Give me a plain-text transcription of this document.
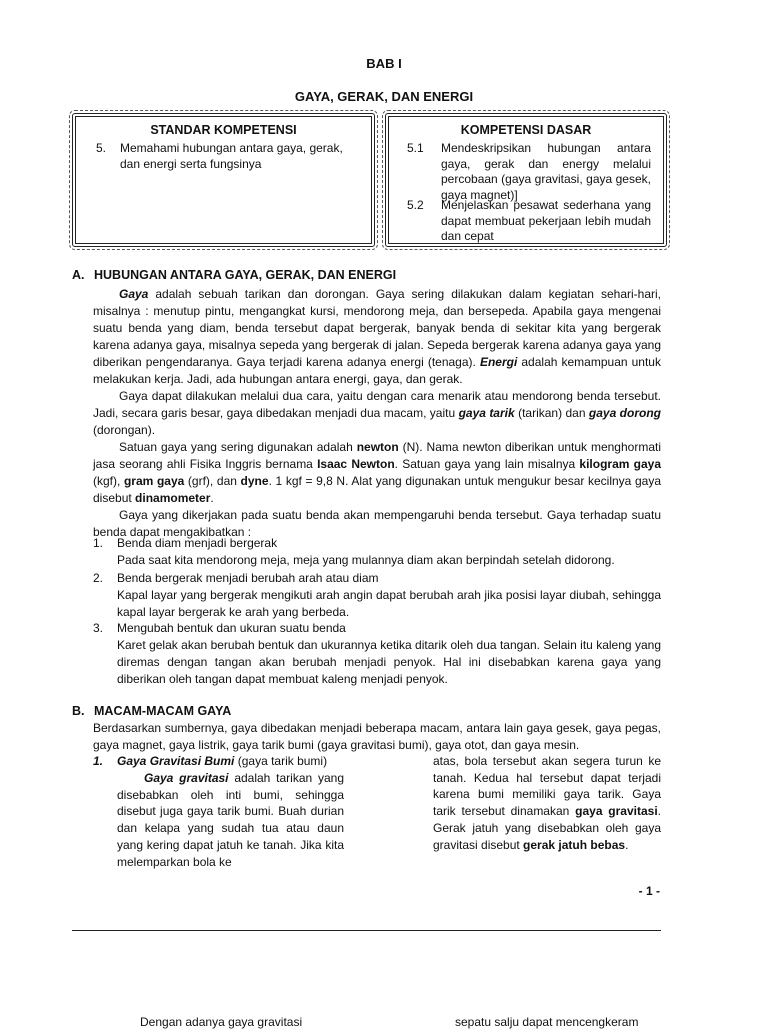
BAB I
GAYA, GERAK, DAN ENERGI
STANDAR KOMPETENSI
5. Memahami hubungan antara gaya, gerak, dan energi serta fungsinya
KOMPETENSI DASAR
5.1 Mendeskripsikan hubungan antara gaya, gerak dan energy melalui percobaan (gaya gravitasi, gaya gesek, gaya magnet)]
5.2 Menjelaskan pesawat sederhana yang dapat membuat pekerjaan lebih mudah dan cepat
A. HUBUNGAN ANTARA GAYA, GERAK, DAN ENERGI

Gaya adalah sebuah tarikan dan dorongan. Gaya sering dilakukan dalam kegiatan sehari-hari, misalnya : menutup pintu, mengangkat kursi, mendorong meja, dan bersepeda. Apabila gaya mengenai suatu benda yang diam, benda tersebut dapat bergerak, banyak benda di sekitar kita yang bergerak karena adanya gaya, misalnya sepeda yang bergerak di jalan. Sepeda bergerak karena adanya gaya yang diberikan pengendaranya. Gaya terjadi karena adanya energi (tenaga). Energi adalah kemampuan untuk melakukan kerja. Jadi, ada hubungan antara energi, gaya, dan gerak.

Gaya dapat dilakukan melalui dua cara, yaitu dengan cara menarik atau mendorong benda tersebut. Jadi, secara garis besar, gaya dibedakan menjadi dua macam, yaitu gaya tarik (tarikan) dan gaya dorong (dorongan).

Satuan gaya yang sering digunakan adalah newton (N). Nama newton diberikan untuk menghormati jasa seorang ahli Fisika Inggris bernama Isaac Newton. Satuan gaya yang lain misalnya kilogram gaya (kgf), gram gaya (grf), dan dyne. 1 kgf = 9,8 N. Alat yang digunakan untuk mengukur besar kecilnya gaya disebut dinamometer.

Gaya yang dikerjakan pada suatu benda akan mempengaruhi benda tersebut. Gaya terhadap suatu benda dapat mengakibatkan :

1. Benda diam menjadi bergerak
Pada saat kita mendorong meja, meja yang mulannya diam akan berpindah setelah didorong.
2. Benda bergerak menjadi berubah arah atau diam
Kapal layar yang bergerak mengikuti arah angin dapat berubah arah jika posisi layar diubah, sehingga kapal layar bergerak ke arah yang berbeda.
3. Mengubah bentuk dan ukuran suatu benda
Karet gelak akan berubah bentuk dan ukurannya ketika ditarik oleh dua tangan. Selain itu kaleng yang diremas dengan tangan akan berubah menjadi penyok. Hal ini disebabkan karena gaya yang diberikan oleh tangan dapat membuat kaleng menjadi penyok.
B. MACAM-MACAM GAYA
Berdasarkan sumbernya, gaya dibedakan menjadi beberapa macam, antara lain gaya gesek, gaya pegas, gaya magnet, gaya listrik, gaya tarik bumi (gaya gravitasi bumi), gaya otot, dan gaya mesin.
1. Gaya Gravitasi Bumi (gaya tarik bumi)
Gaya gravitasi adalah tarikan yang disebabkan oleh inti bumi, sehingga disebut juga gaya tarik bumi. Buah durian dan kelapa yang sudah tua atau daun yang kering dapat jatuh ke tanah. Jika kita melemparkan bola ke
atas, bola tersebut akan segera turun ke tanah. Kedua hal tersebut dapat terjadi karena bumi memiliki gaya tarik. Gaya tarik tersebut dinamakan gaya gravitasi. Gerak jatuh yang disebabkan oleh gaya gravitasi disebut gerak jatuh bebas.
- 1 -
Dengan adanya gaya gravitasi	sepatu salju dapat mencengkeram
